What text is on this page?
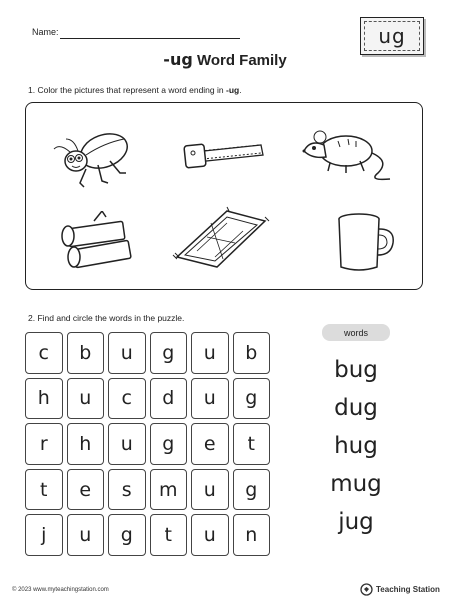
Name:
-ug Word Family
ug
1. Color the pictures that represent a word ending in -ug.
2. Find and circle the words in the puzzle.
c	b	u	g	u	b
h	u	c	d	u	g
r	h	u	g	e	t
t	e	s	m	u	g
j	u	g	t	u	n
words
bug
dug
hug
mug
jug
© 2023 www.myteachingstation.com	Teaching Station
